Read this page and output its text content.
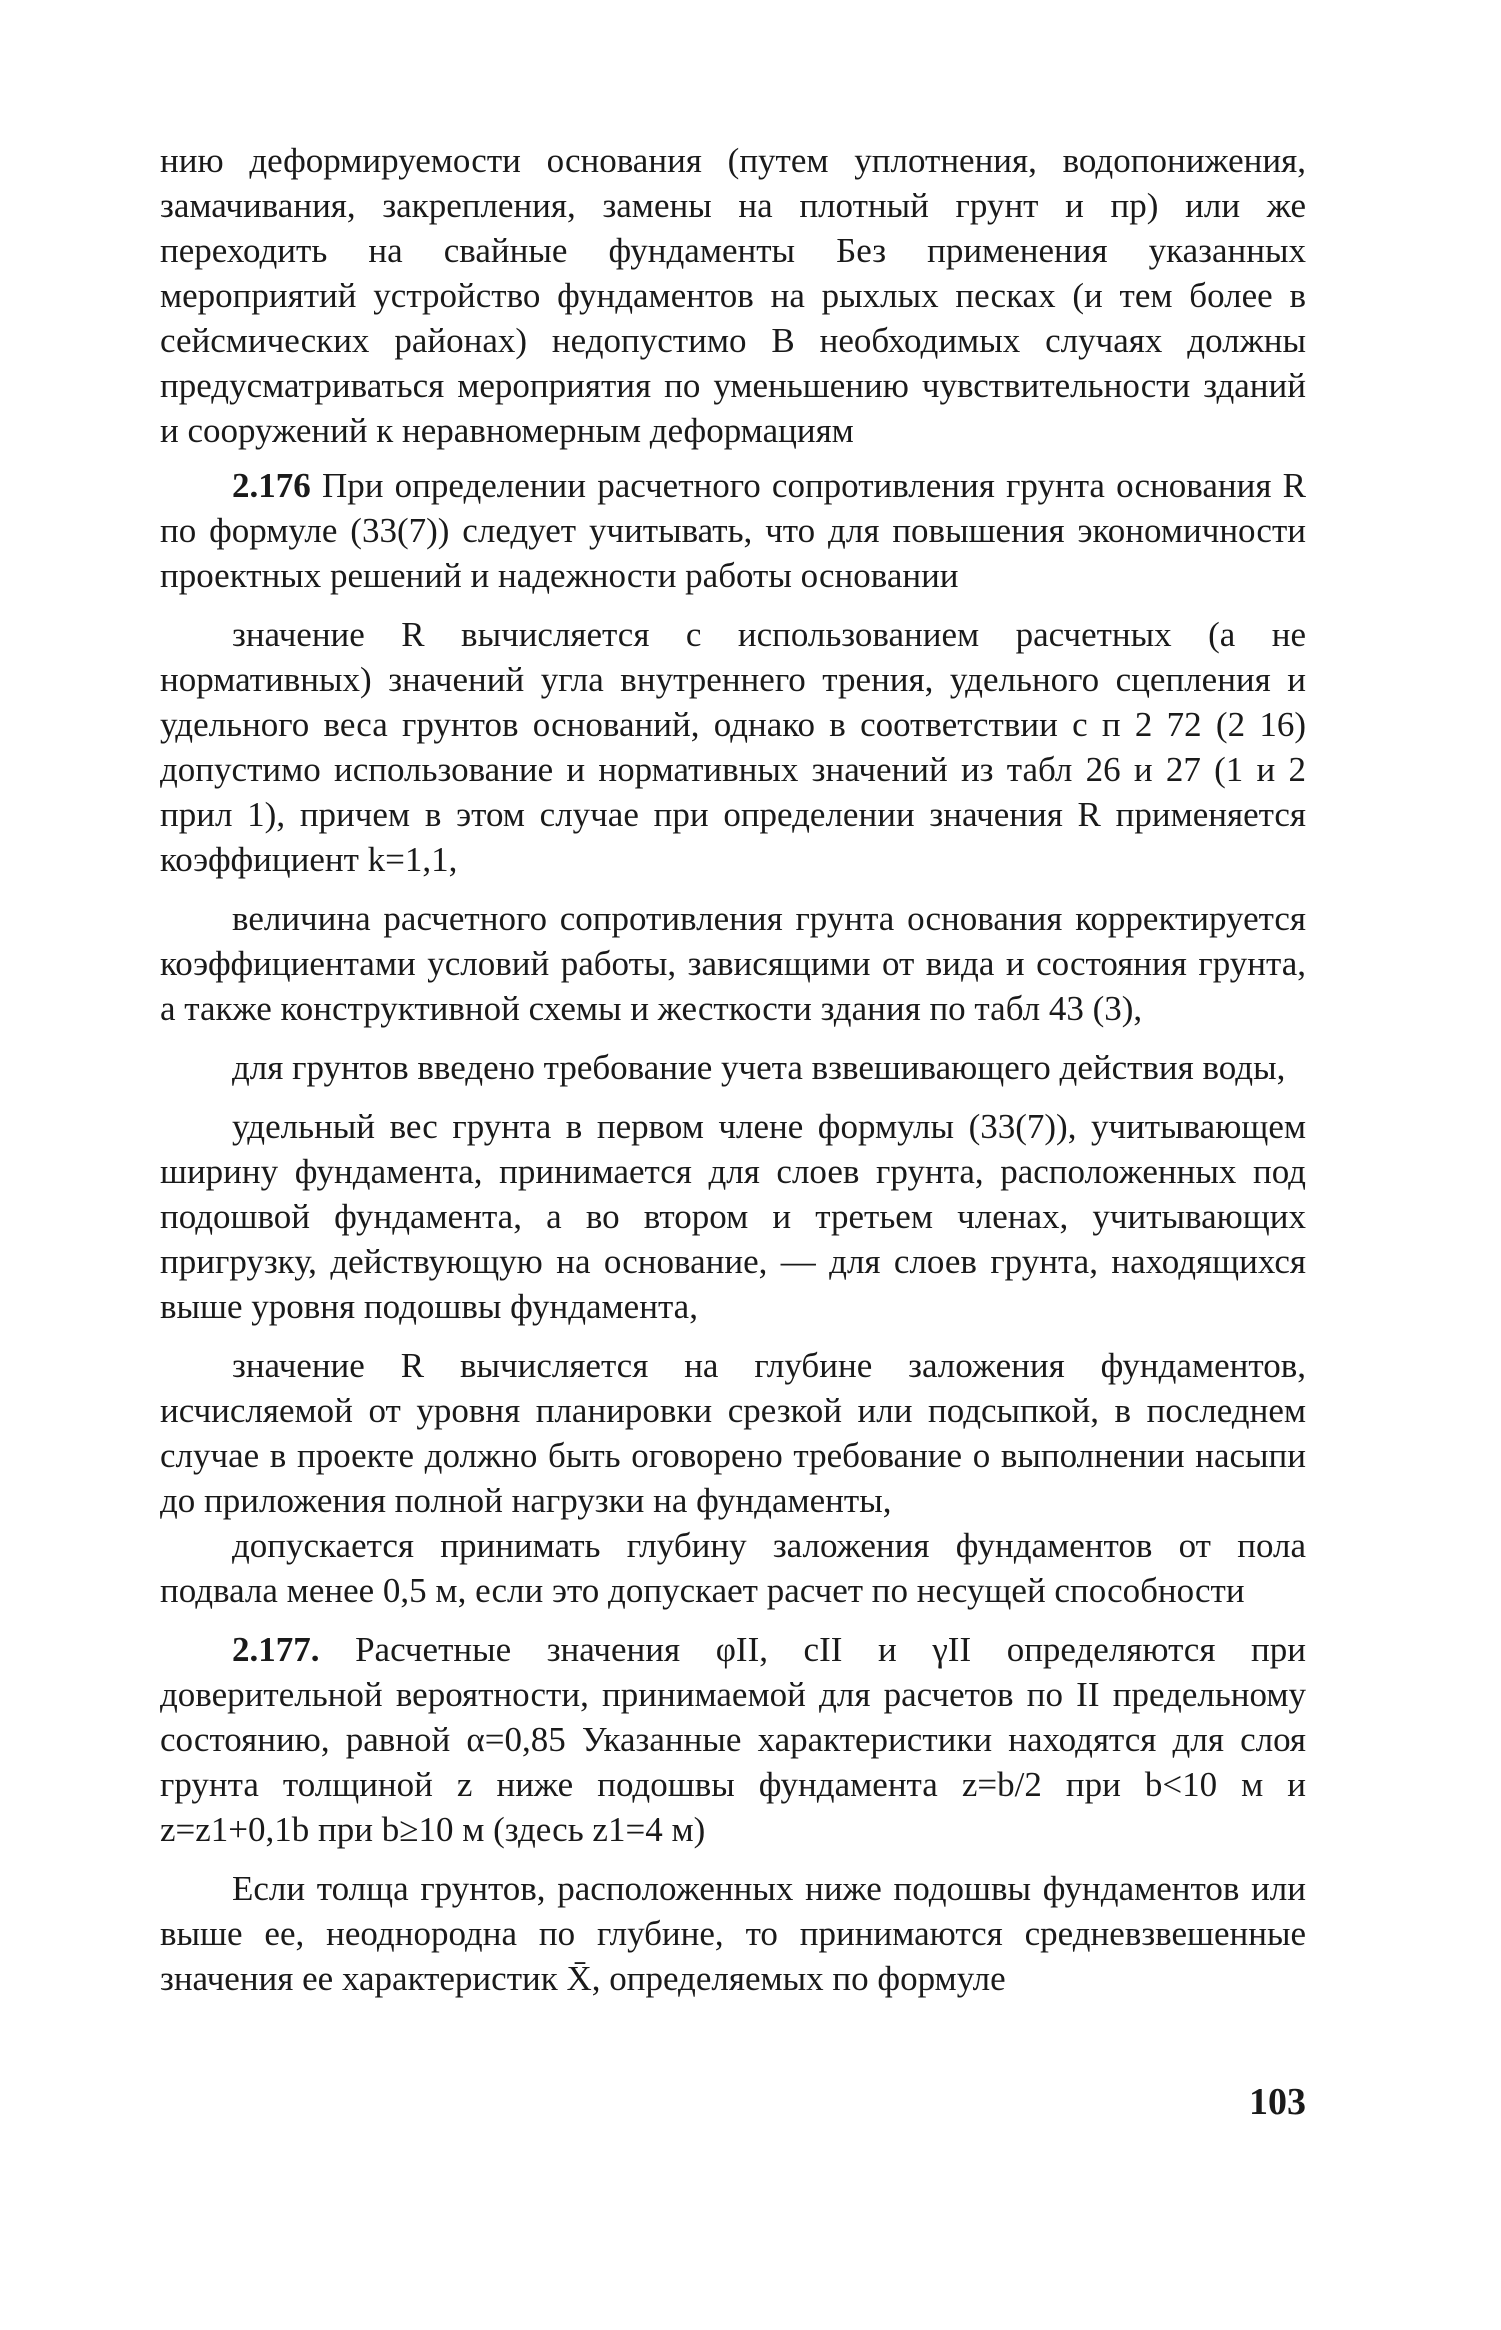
нию деформируемости основания (путем уплотнения, водопонижения, замачивания, закрепления, замены на плотный грунт и пр) или же переходить на свайные фундаменты Без применения указанных мероприятий устройство фундаментов на рыхлых песках (и тем более в сейсмических районах) недопустимо В необходимых случаях должны предусматриваться мероприятия по уменьшению чувствительности зданий и сооружений к неравномерным деформациям

2.176 При определении расчетного сопротивления грунта основания R по формуле (33(7)) следует учитывать, что для повышения экономичности проектных решений и надежности работы основании

значение R вычисляется с использованием расчетных (а не нормативных) значений угла внутреннего трения, удельного сцепления и удельного веса грунтов оснований, однако в соответствии с п 2 72 (2 16) допустимо использование и нормативных значений из табл 26 и 27 (1 и 2 прил 1), причем в этом случае при определении значения R применяется коэффициент k=1,1,

величина расчетного сопротивления грунта основания корректируется коэффициентами условий работы, зависящими от вида и состояния грунта, а также конструктивной схемы и жесткости здания по табл 43 (3),

для грунтов введено требование учета взвешивающего действия воды,

удельный вес грунта в первом члене формулы (33(7)), учитывающем ширину фундамента, принимается для слоев грунта, расположенных под подошвой фундамента, а во втором и третьем членах, учитывающих пригрузку, действующую на основание, — для слоев грунта, находящихся выше уровня подошвы фундамента,

значение R вычисляется на глубине заложения фундаментов, исчисляемой от уровня планировки срезкой или подсыпкой, в последнем случае в проекте должно быть оговорено требование о выполнении насыпи до приложения полной нагрузки на фундаменты,

допускается принимать глубину заложения фундаментов от пола подвала менее 0,5 м, если это допускает расчет по несущей способности

2.177. Расчетные значения φII, cII и γII определяются при доверительной вероятности, принимаемой для расчетов по II предельному состоянию, равной α=0,85 Указанные характеристики находятся для слоя грунта толщиной z ниже подошвы фундамента z=b/2 при b<10 м и z=z1+0,1b при b≥10 м (здесь z1=4 м)

Если толща грунтов, расположенных ниже подошвы фундаментов или выше ее, неоднородна по глубине, то принимаются средневзвешенные значения ее характеристик X̄, определяемых по формуле

103
